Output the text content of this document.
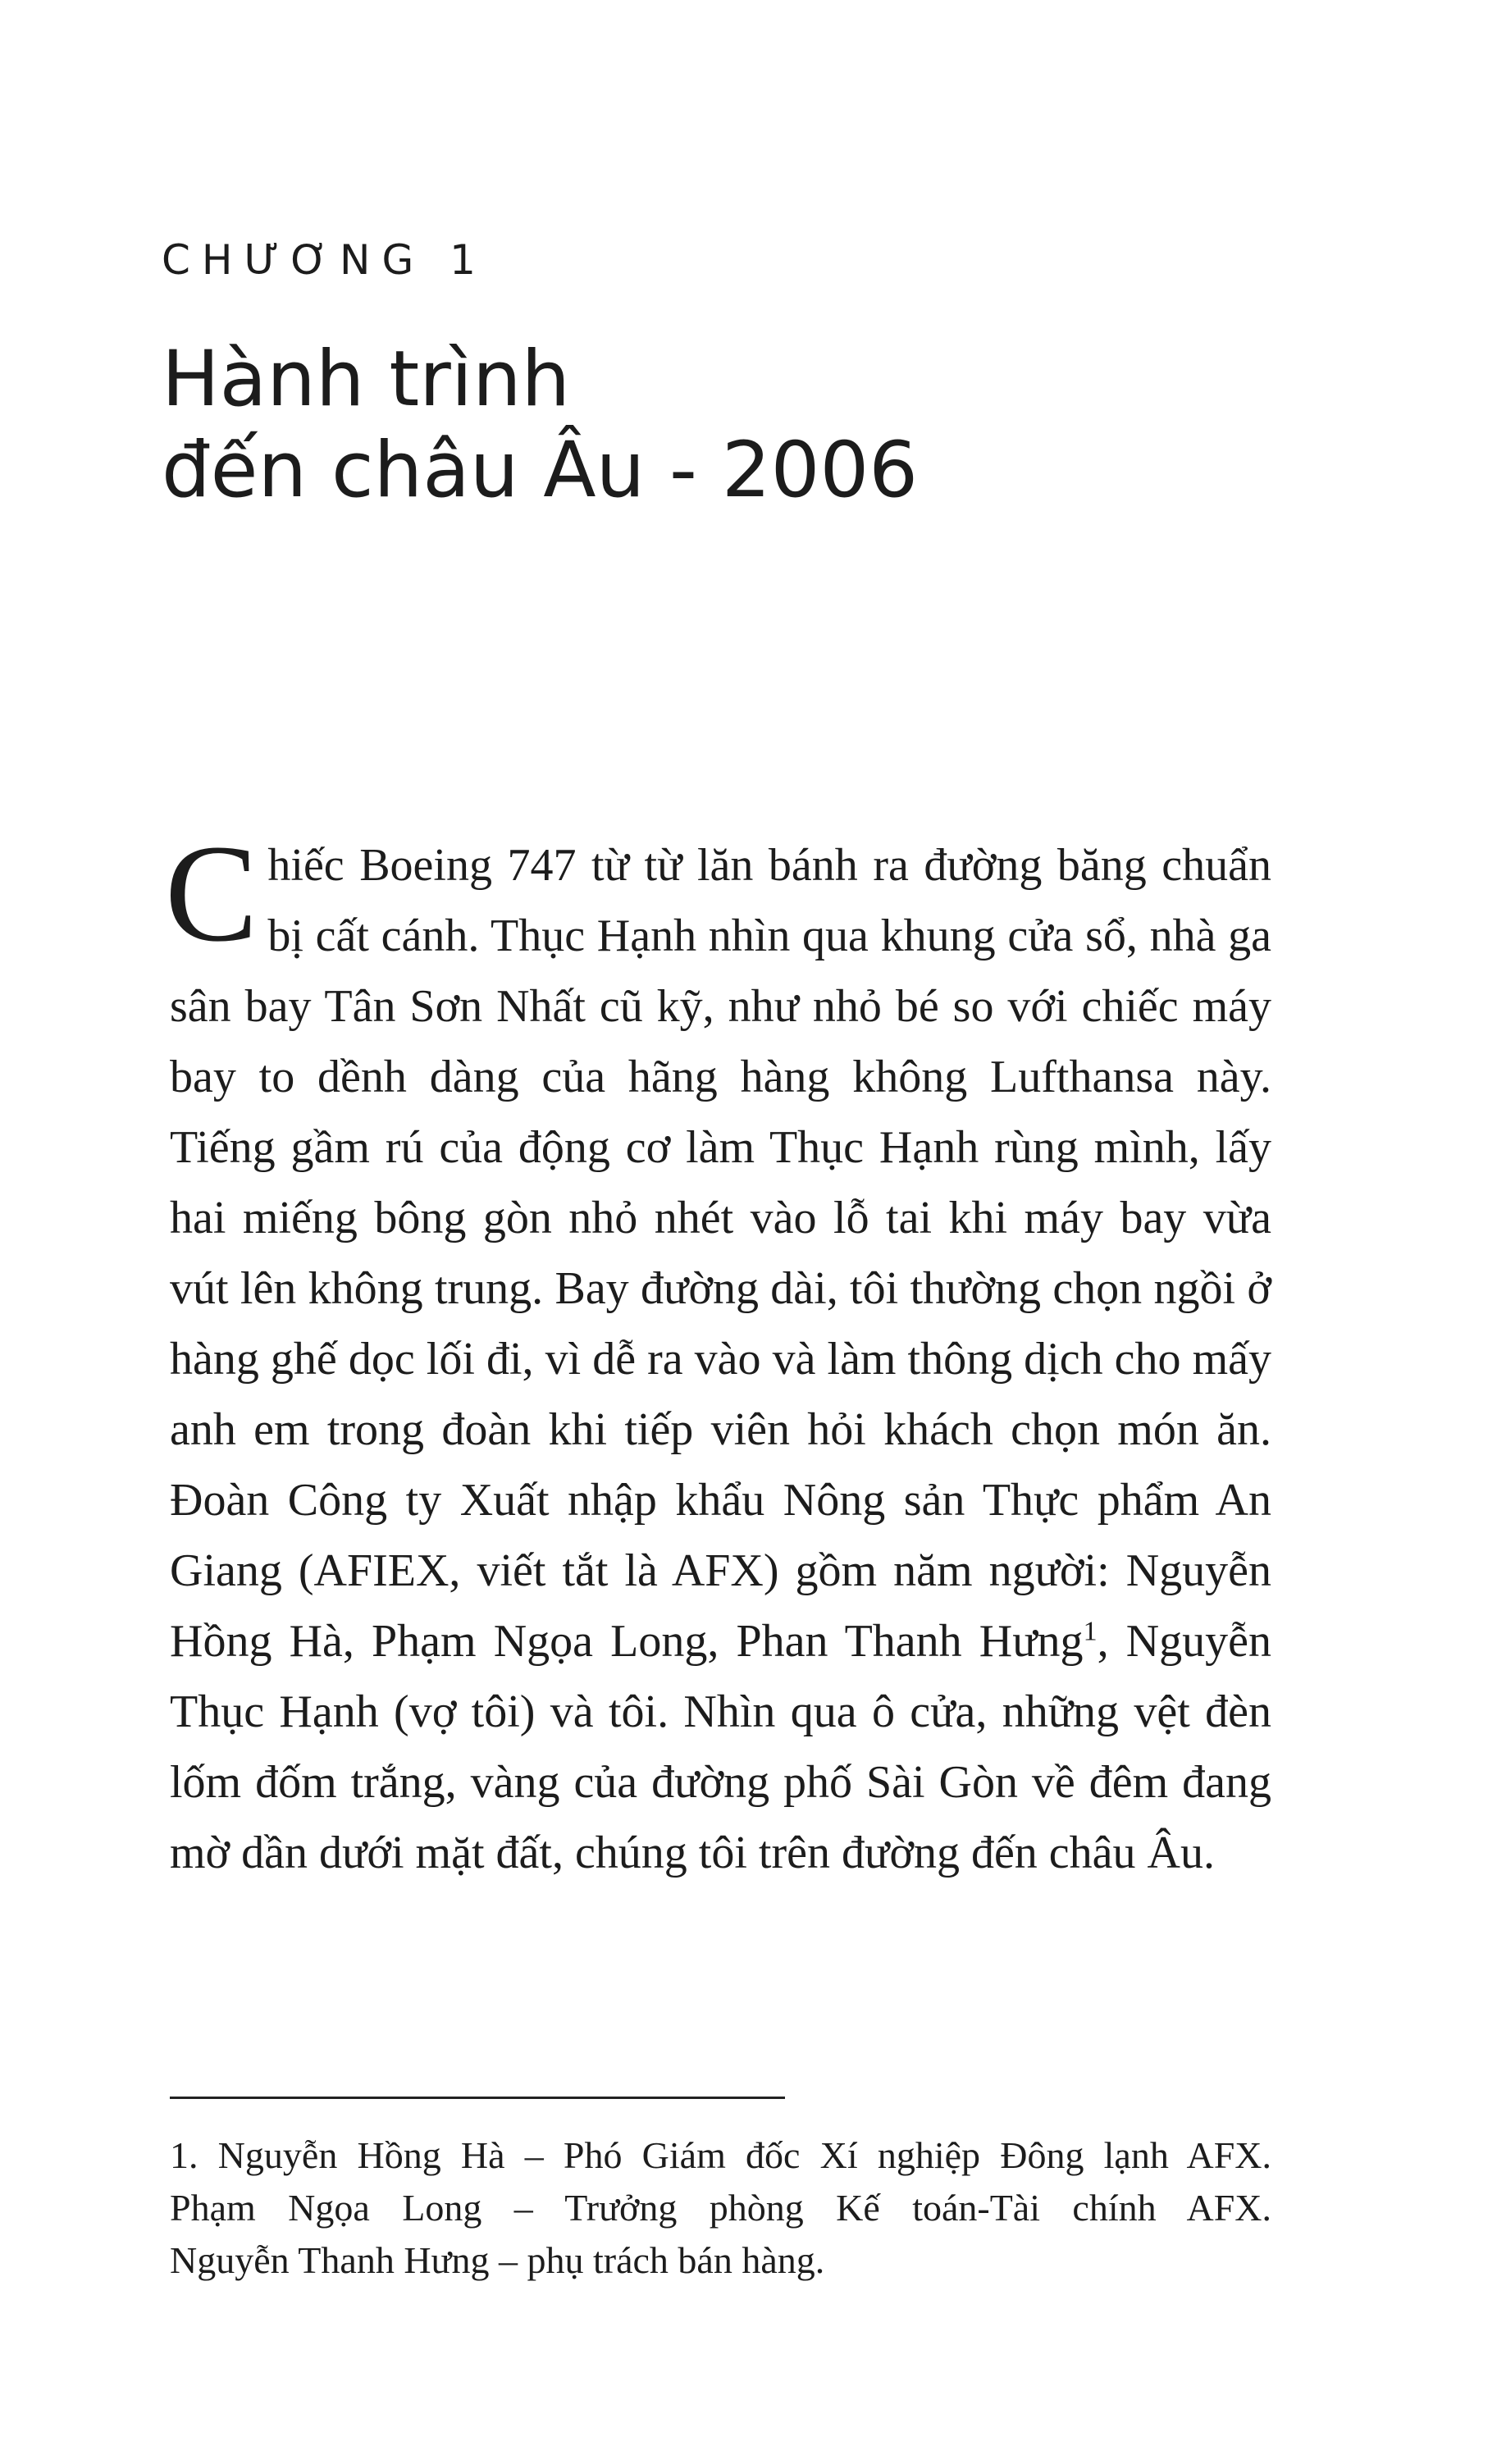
CHƯƠNG 1
Hành trình
đến châu Âu - 2006

Chiếc Boeing 747 từ từ lăn bánh ra đường băng chuẩn bị cất cánh. Thục Hạnh nhìn qua khung cửa sổ, nhà ga sân bay Tân Sơn Nhất cũ kỹ, như nhỏ bé so với chiếc máy bay to dềnh dàng của hãng hàng không Lufthansa này. Tiếng gầm rú của động cơ làm Thục Hạnh rùng mình, lấy hai miếng bông gòn nhỏ nhét vào lỗ tai khi máy bay vừa vút lên không trung. Bay đường dài, tôi thường chọn ngồi ở hàng ghế dọc lối đi, vì dễ ra vào và làm thông dịch cho mấy anh em trong đoàn khi tiếp viên hỏi khách chọn món ăn. Đoàn Công ty Xuất nhập khẩu Nông sản Thực phẩm An Giang (AFIEX, viết tắt là AFX) gồm năm người: Nguyễn Hồng Hà, Phạm Ngọa Long, Phan Thanh Hưng$^1$, Nguyễn Thục Hạnh (vợ tôi) và tôi. Nhìn qua ô cửa, những vệt đèn lốm đốm trắng, vàng của đường phố Sài Gòn về đêm đang mờ dần dưới mặt đất, chúng tôi trên đường đến châu Âu.

1. Nguyễn Hồng Hà – Phó Giám đốc Xí nghiệp Đông lạnh AFX.
Phạm Ngọa Long – Trưởng phòng Kế toán-Tài chính AFX.
Nguyễn Thanh Hưng – phụ trách bán hàng.
